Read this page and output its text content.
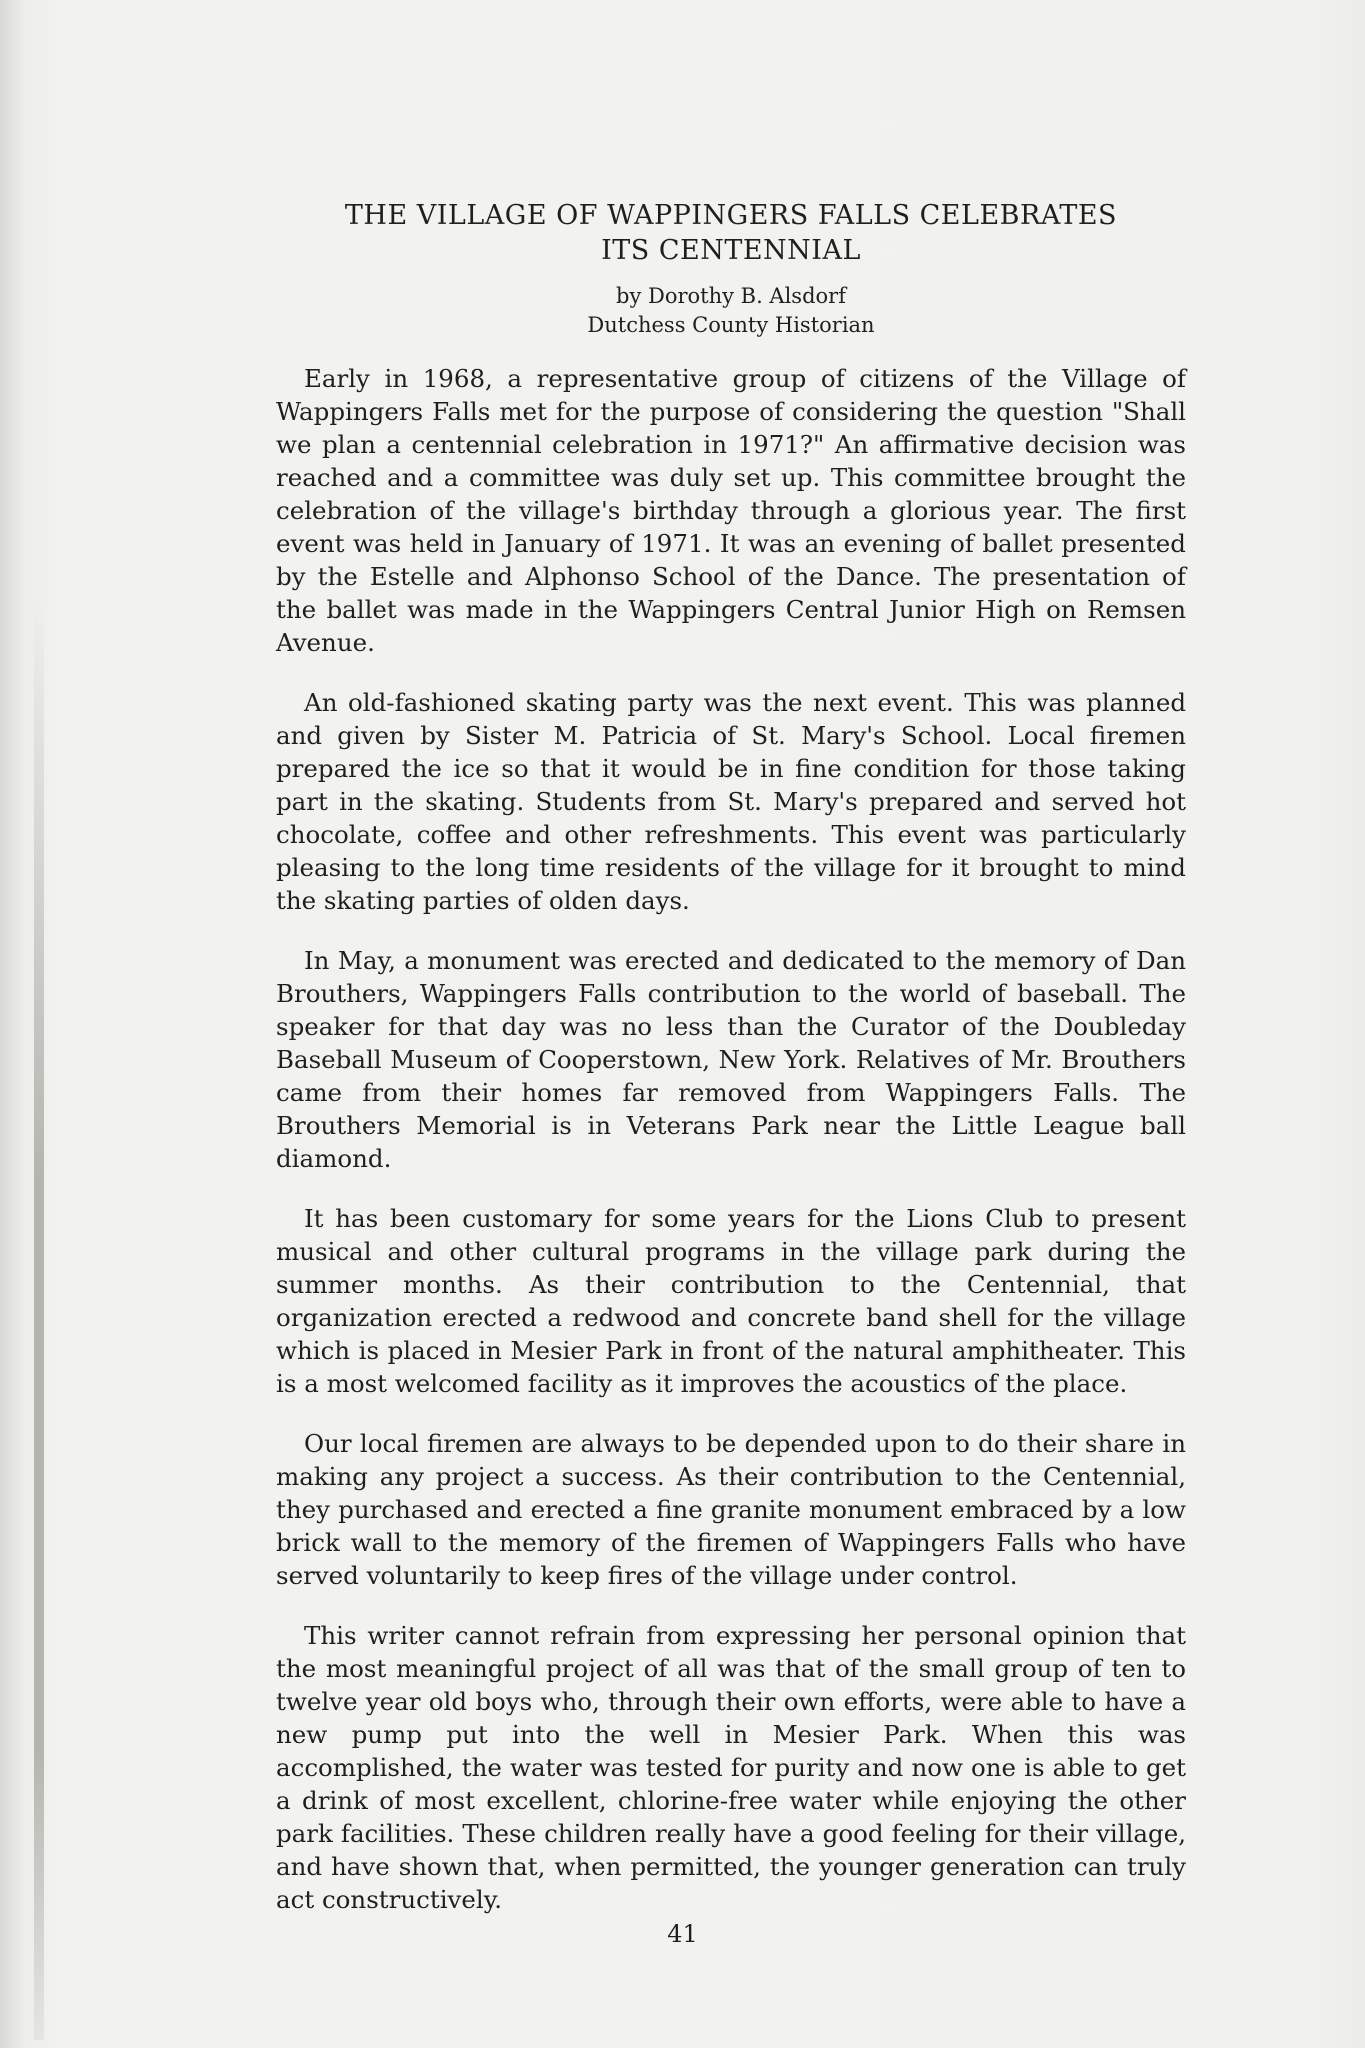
THE VILLAGE OF WAPPINGERS FALLS CELEBRATES
ITS CENTENNIAL
by Dorothy B. Alsdorf
Dutchess County Historian

Early in 1968, a representative group of citizens of the Village of Wappingers Falls met for the purpose of considering the question "Shall we plan a centennial celebration in 1971?" An affirmative decision was reached and a committee was duly set up. This committee brought the celebration of the village's birthday through a glorious year. The first event was held in January of 1971. It was an evening of ballet presented by the Estelle and Alphonso School of the Dance. The presentation of the ballet was made in the Wappingers Central Junior High on Remsen Avenue.

An old-fashioned skating party was the next event. This was planned and given by Sister M. Patricia of St. Mary's School. Local firemen prepared the ice so that it would be in fine condition for those taking part in the skating. Students from St. Mary's prepared and served hot chocolate, coffee and other refreshments. This event was particularly pleasing to the long time residents of the village for it brought to mind the skating parties of olden days.

In May, a monument was erected and dedicated to the memory of Dan Brouthers, Wappingers Falls contribution to the world of baseball. The speaker for that day was no less than the Curator of the Doubleday Baseball Museum of Cooperstown, New York. Relatives of Mr. Brouthers came from their homes far removed from Wappingers Falls. The Brouthers Memorial is in Veterans Park near the Little League ball diamond.

It has been customary for some years for the Lions Club to present musical and other cultural programs in the village park during the summer months. As their contribution to the Centennial, that organization erected a redwood and concrete band shell for the village which is placed in Mesier Park in front of the natural amphitheater. This is a most welcomed facility as it improves the acoustics of the place.

Our local firemen are always to be depended upon to do their share in making any project a success. As their contribution to the Centennial, they purchased and erected a fine granite monument embraced by a low brick wall to the memory of the firemen of Wappingers Falls who have served voluntarily to keep fires of the village under control.

This writer cannot refrain from expressing her personal opinion that the most meaningful project of all was that of the small group of ten to twelve year old boys who, through their own efforts, were able to have a new pump put into the well in Mesier Park. When this was accomplished, the water was tested for purity and now one is able to get a drink of most excellent, chlorine-free water while enjoying the other park facilities. These children really have a good feeling for their village, and have shown that, when permitted, the younger generation can truly act constructively.

41
